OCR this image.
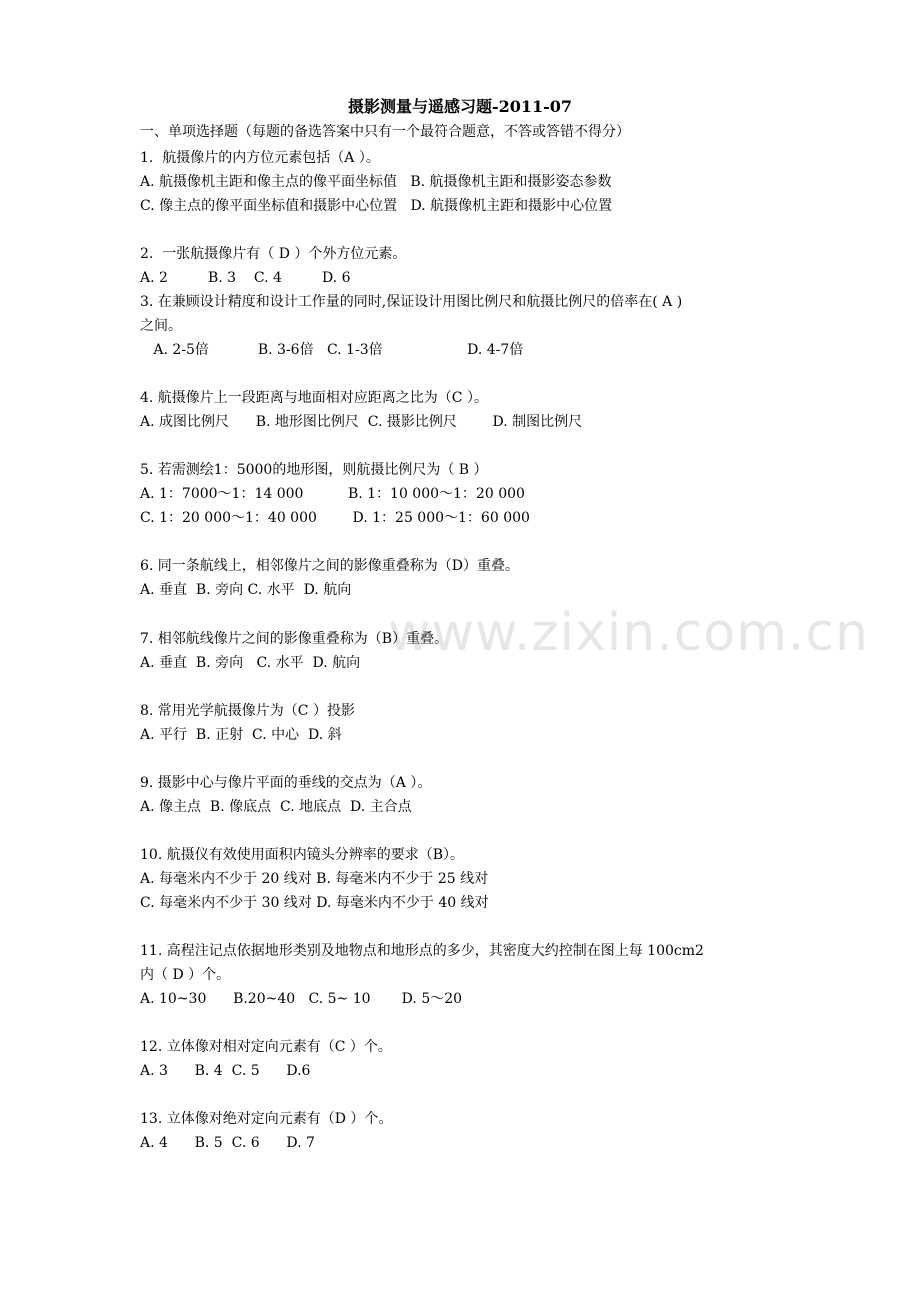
www.zixin.com.cn
摄影测量与遥感习题-2011-07
一、单项选择题（每题的备选答案中只有一个最符合题意，不答或答错不得分）
1.  航摄像片的内方位元素包括（A ）。
A. 航摄像机主距和像主点的像平面坐标值   B. 航摄像机主距和摄影姿态参数
C. 像主点的像平面坐标值和摄影中心位置   D. 航摄像机主距和摄影中心位置
2.  一张航摄像片有（ D ）个外方位元素。
A. 2         B. 3    C. 4         D. 6
3. 在兼顾设计精度和设计工作量的同时,保证设计用图比例尺和航摄比例尺的倍率在( A )
之间。
A. 2-5倍           B. 3-6倍   C. 1-3倍                   D. 4-7倍
4. 航摄像片上一段距离与地面相对应距离之比为（C ）。
A. 成图比例尺      B. 地形图比例尺  C. 摄影比例尺        D. 制图比例尺
5. 若需测绘1：5000的地形图，则航摄比例尺为（ B ）
A. 1：7000～1：14 000          B. 1：10 000～1：20 000
C. 1：20 000～1：40 000        D. 1：25 000～1：60 000
6. 同一条航线上，相邻像片之间的影像重叠称为（D）重叠。
A. 垂直  B. 旁向 C. 水平  D. 航向
7. 相邻航线像片之间的影像重叠称为（B）重叠。
A. 垂直  B. 旁向   C. 水平  D. 航向
8. 常用光学航摄像片为（C ）投影
A. 平行  B. 正射  C. 中心  D. 斜
9. 摄影中心与像片平面的垂线的交点为（A ）。
A. 像主点  B. 像底点  C. 地底点  D. 主合点
10. 航摄仪有效使用面积内镜头分辨率的要求（B）。
A. 每毫米内不少于 20 线对 B. 每毫米内不少于 25 线对
C. 每毫米内不少于 30 线对 D. 每毫米内不少于 40 线对
11. 高程注记点依据地形类别及地物点和地形点的多少，其密度大约控制在图上每 100cm2
内（ D ）个。
A. 10~30      B.20~40   C. 5~ 10       D. 5～20
12. 立体像对相对定向元素有（C ）个。
A. 3      B. 4  C. 5      D.6
13. 立体像对绝对定向元素有（D ）个。
A. 4      B. 5  C. 6      D. 7
